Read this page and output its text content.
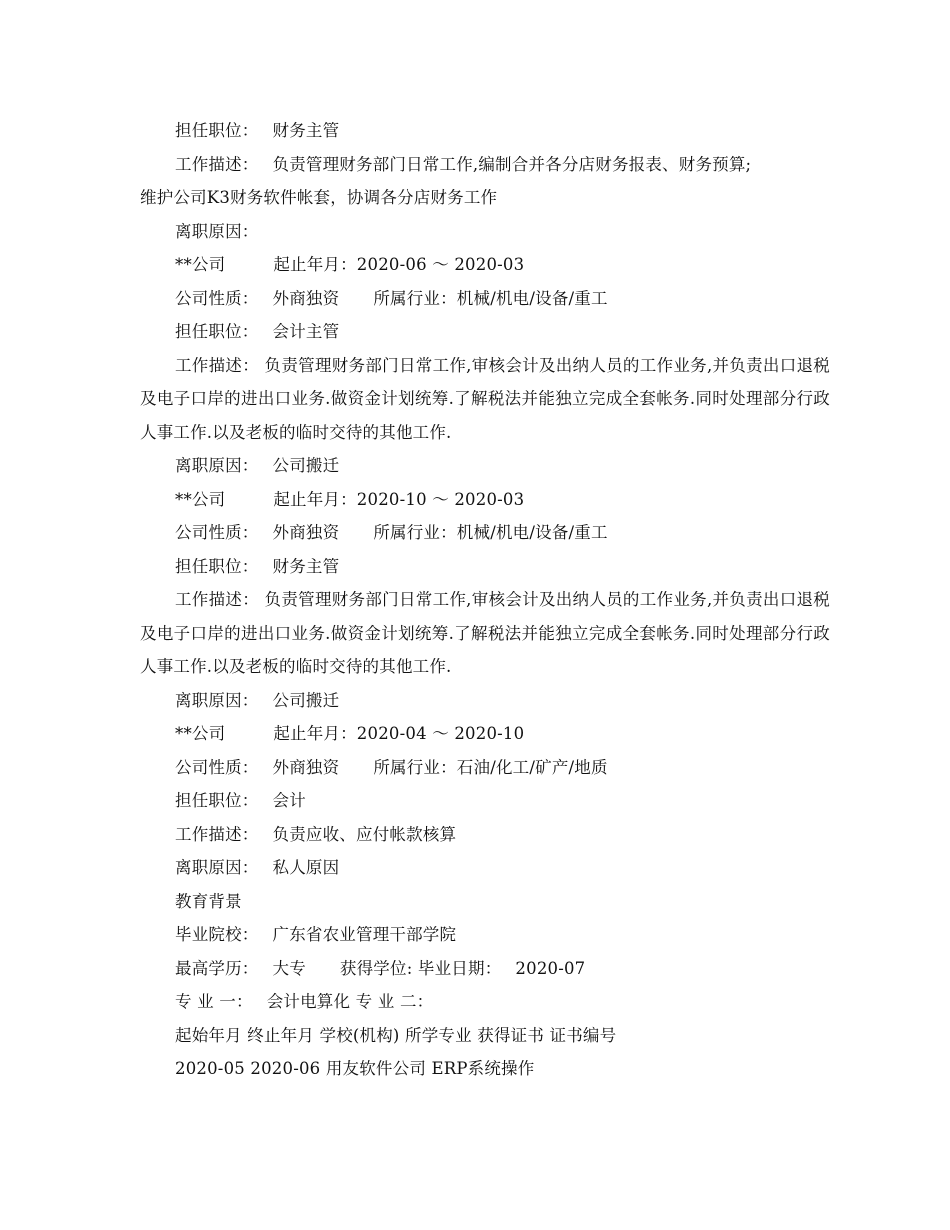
担任职位： 财务主管
工作描述： 负责管理财务部门日常工作,编制合并各分店财务报表、财务预算;
维护公司K3财务软件帐套，协调各分店财务工作
离职原因：
**公司	起止年月：2020-06 ～ 2020-03
公司性质： 外商独资 所属行业：机械/机电/设备/重工
担任职位： 会计主管
工作描述： 负责管理财务部门日常工作,审核会计及出纳人员的工作业务,并负责出口退税及电子口岸的进出口业务.做资金计划统筹.了解税法并能独立完成全套帐务.同时处理部分行政人事工作.以及老板的临时交待的其他工作.
离职原因： 公司搬迁
**公司	起止年月：2020-10 ～ 2020-03
公司性质： 外商独资 所属行业：机械/机电/设备/重工
担任职位： 财务主管
工作描述： 负责管理财务部门日常工作,审核会计及出纳人员的工作业务,并负责出口退税及电子口岸的进出口业务.做资金计划统筹.了解税法并能独立完成全套帐务.同时处理部分行政人事工作.以及老板的临时交待的其他工作.
离职原因： 公司搬迁
**公司	起止年月：2020-04 ～ 2020-10
公司性质： 外商独资 所属行业：石油/化工/矿产/地质
担任职位： 会计
工作描述： 负责应收、应付帐款核算
离职原因： 私人原因
教育背景
毕业院校： 广东省农业管理干部学院
最高学历： 大专 获得学位: 毕业日期： 2020-07
专 业 一： 会计电算化 专 业 二：
起始年月 终止年月 学校(机构) 所学专业 获得证书 证书编号
2020-05 2020-06 用友软件公司 ERP系统操作
